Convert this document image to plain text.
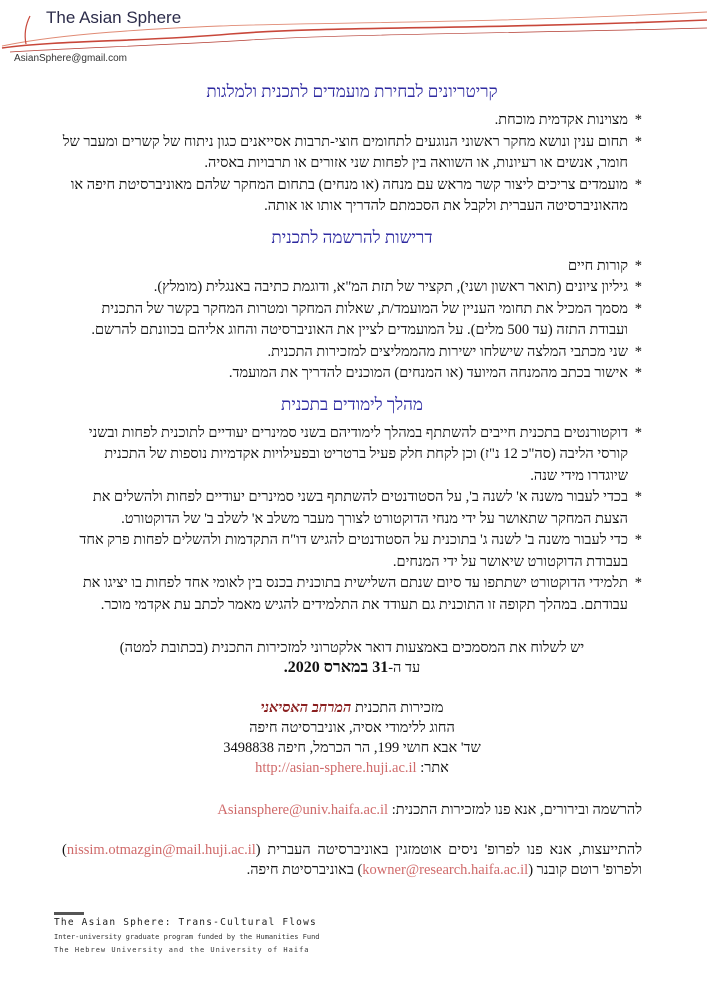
The Asian Sphere
AsianSphere@gmail.com
קריטריונים לבחירת מועמדים לתכנית ולמלגות
* מצוינות אקדמית מוכחת.
* תחום ענין ונושא מחקר ראשוני הנוגעים לתחומים חוצי-תרבות אסייאנים כגון ניתוח של קשרים ומעבר של חומר, אנשים או רעיונות, או השוואה בין לפחות שני אזורים או תרבויות באסיה.
* מועמדים צריכים ליצור קשר מראש עם מנחה (או מנחים) בתחום המחקר שלהם מאוניברסיטת חיפה או מהאוניברסיטה העברית ולקבל את הסכמתם להדריך אותו או אותה.
דרישות להרשמה לתכנית
* קורות חיים
* גיליון ציונים (תואר ראשון ושני), תקציר של תזת המ"א, ודוגמת כתיבה באנגלית (מומלץ).
* מסמך המכיל את תחומי העניין של המועמד/ת, שאלות המחקר ומטרות המחקר בקשר של התכנית ועבודת התזה (עד 500 מלים). על המועמדים לציין את האוניברסיטה והחוג אליהם בכוונתם להרשם.
* שני מכתבי המלצה שישלחו ישירות מהממליצים למזכירות התכנית.
* אישור בכתב מהמנחה המיועד (או המנחים) המוכנים להדריך את המועמד.
מהלך לימודים בתכנית
* דוקטורנטים בתכנית חייבים להשתתף במהלך לימודיהם בשני סמינרים יעודיים לתוכנית לפחות ובשני קורסי הליבה (סה"כ 12 נ"ז) וכן לקחת חלק פעיל ברטריט ובפעילויות אקדמיות נוספות של התכנית שיוגדרו מידי שנה.
* בכדי לעבור משנה א' לשנה ב', על הסטודנטים להשתתף בשני סמינרים יעודיים לפחות ולהשלים את הצעת המחקר שתאושר על ידי מנחי הדוקטורט לצורך מעבר משלב א' לשלב ב' של הדוקטורט.
* כדי לעבור משנה ב' לשנה ג' בתוכנית על הסטודנטים להגיש דו"ח התקדמות ולהשלים לפחות פרק אחד בעבודת הדוקטורט שיאושר על ידי המנחים.
* תלמידי הדוקטורט ישתתפו עד סיום שנתם השלישית בתוכנית בכנס בין לאומי אחד לפחות בו יציגו את עבודתם. במהלך תקופה זו התוכנית גם תעודד את התלמידים להגיש מאמר לכתב עת אקדמי מוכר.
יש לשלוח את המסמכים באמצעות דואר אלקטרוני למזכירות התכנית (בכתובת למטה)
עד ה-31 במארס 2020.
מזכירות התכנית המרחב האסיאני
החוג ללימודי אסיה, אוניברסיטה חיפה
שד' אבא חושי 199, הר הכרמל, חיפה 3498838
אתר: http://asian-sphere.huji.ac.il
להרשמה ובירורים, אנא פנו למזכירות התכנית: Asiansphere@univ.haifa.ac.il
להתייעצות, אנא פנו לפרופ' ניסים אוטמזגין באוניברסיטה העברית (nissim.otmazgin@mail.huji.ac.il) ולפרופ' רוטם קובנר (kowner@research.haifa.ac.il) באוניברסיטת חיפה.
The Asian Sphere: Trans-Cultural Flows
Inter-university graduate program funded by the Humanities Fund
The Hebrew University and the University of Haifa
